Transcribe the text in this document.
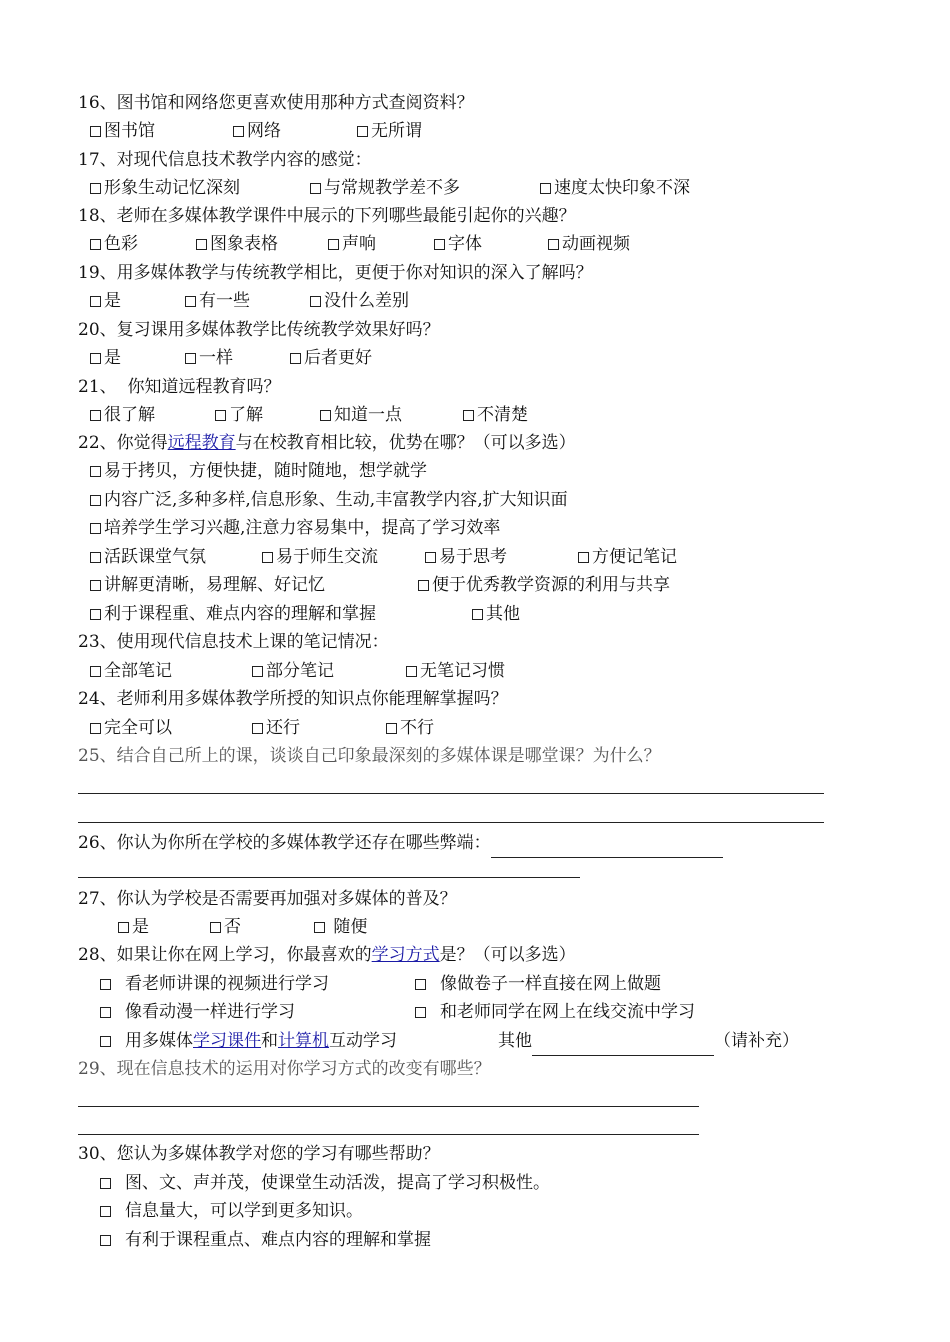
16、图书馆和网络您更喜欢使用那种方式查阅资料？
图书馆	网络	无所谓
17、对现代信息技术教学内容的感觉：
形象生动记忆深刻	与常规教学差不多	速度太快印象不深
18、老师在多媒体教学课件中展示的下列哪些最能引起你的兴趣？
色彩	图象表格	声响	字体	动画视频
19、用多媒体教学与传统教学相比，更便于你对知识的深入了解吗？
是	有一些	没什么差别
20、复习课用多媒体教学比传统教学效果好吗？
是	一样	后者更好
21、  你知道远程教育吗？
很了解	了解	知道一点	不清楚
22、你觉得远程教育与在校教育相比较，优势在哪？（可以多选）
易于拷贝，方便快捷，随时随地，想学就学
内容广泛,多种多样,信息形象、生动,丰富教学内容,扩大知识面
培养学生学习兴趣,注意力容易集中，提高了学习效率
活跃课堂气氛	易于师生交流	易于思考	方便记笔记
讲解更清晰，易理解、好记忆	便于优秀教学资源的利用与共享
利于课程重、难点内容的理解和掌握	其他
23、使用现代信息技术上课的笔记情况：
全部笔记	部分笔记	无笔记习惯
24、老师利用多媒体教学所授的知识点你能理解掌握吗？
完全可以	还行	不行
25、结合自己所上的课，谈谈自己印象最深刻的多媒体课是哪堂课？为什么？
26、你认为你所在学校的多媒体教学还存在哪些弊端：
27、你认为学校是否需要再加强对多媒体的普及？
是	否	随便
28、如果让你在网上学习，你最喜欢的学习方式是？（可以多选）
看老师讲课的视频进行学习	像做卷子一样直接在网上做题
像看动漫一样进行学习	和老师同学在网上在线交流中学习
用多媒体学习课件和计算机互动学习	其他	（请补充）
29、现在信息技术的运用对你学习方式的改变有哪些？
30、您认为多媒体教学对您的学习有哪些帮助？
图、文、声并茂，使课堂生动活泼，提高了学习积极性。
信息量大，可以学到更多知识。
有利于课程重点、难点内容的理解和掌握
